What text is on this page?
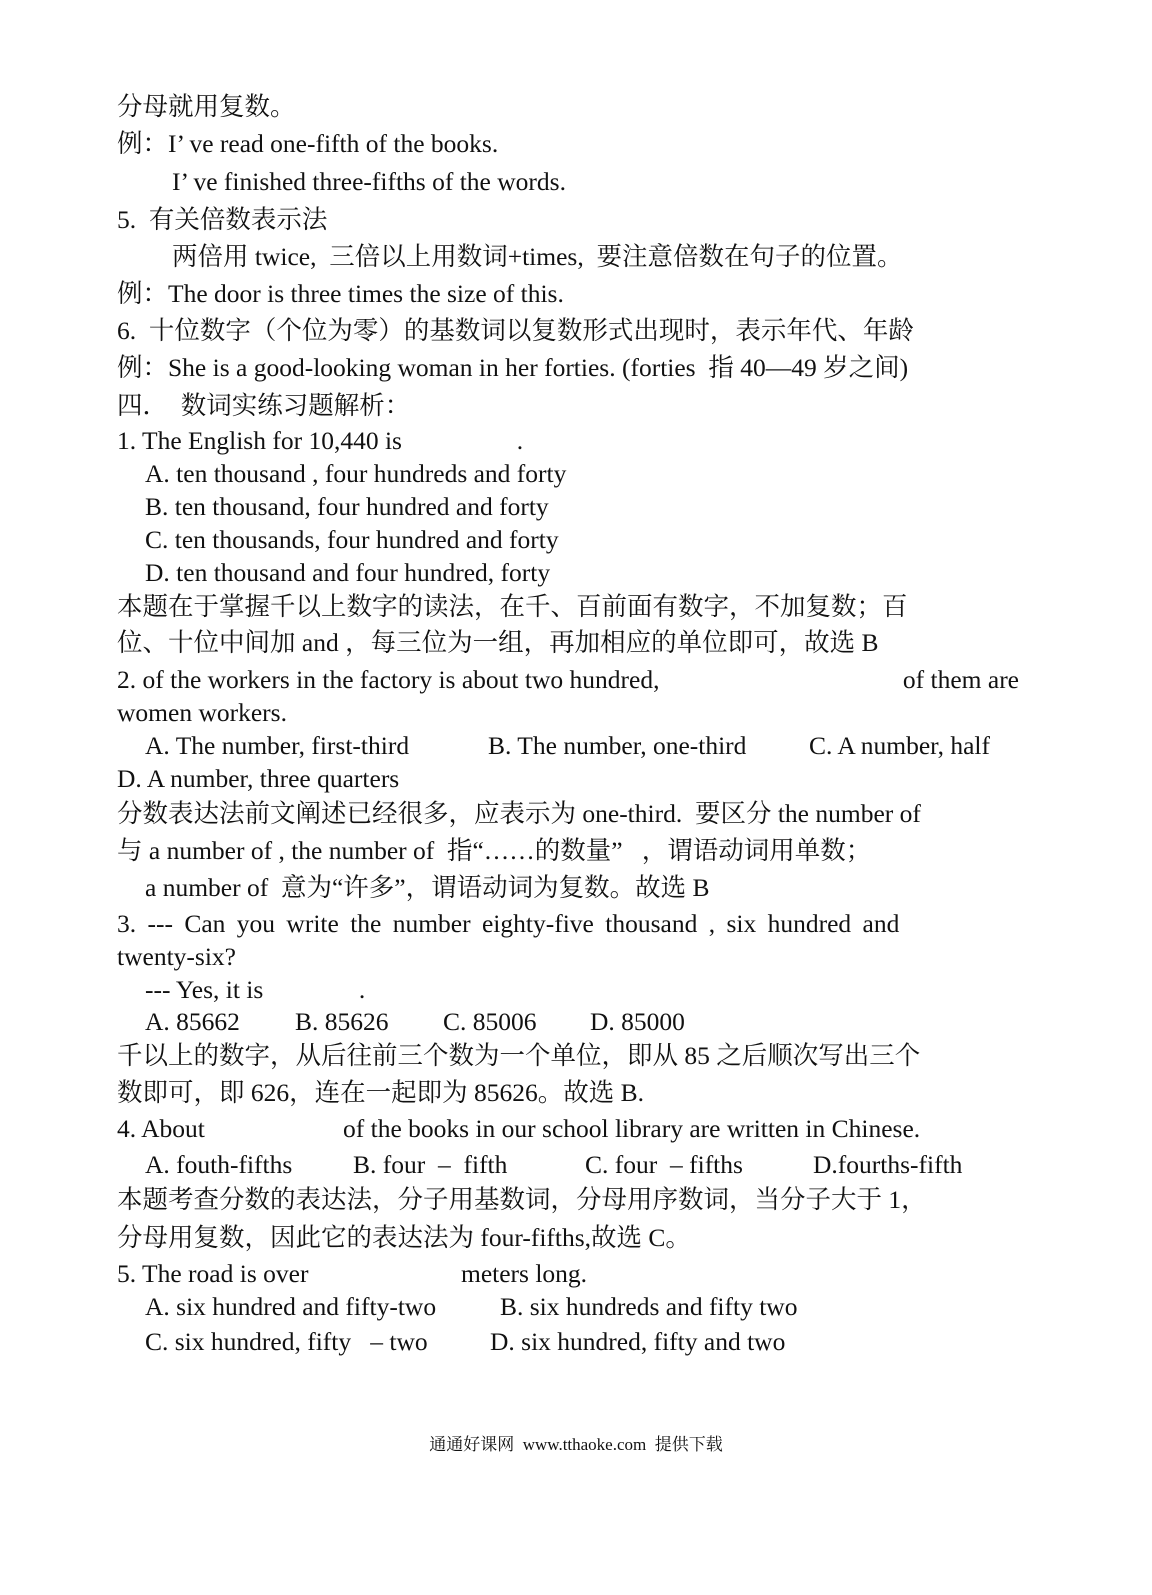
分母就用复数。
例：I’ ve read one-fifth of the books.
I’ ve finished three-fifths of the words.
5.  有关倍数表示法
两倍用 twice,  三倍以上用数词+times,  要注意倍数在句子的位置。
例：The door is three times the size of this.
6.  十位数字（个位为零）的基数词以复数形式出现时，表示年代、年龄
例：She is a good-looking woman in her forties. (forties  指 40—49 岁之间)
四．  数词实练习题解析：
1. The English for 10,440 is                  .
A. ten thousand , four hundreds and forty
B. ten thousand, four hundred and forty
C. ten thousands, four hundred and forty
D. ten thousand and four hundred, forty
本题在于掌握千以上数字的读法，在千、百前面有数字，不加复数；百
位、十位中间加 and ，每三位为一组，再加相应的单位即可，故选 B
2. of the workers in the factory is about two hundred,	of them are
women workers.
A. The number, first-third	B. The number, one-third C. A number, half
D. A number, three quarters
分数表达法前文阐述已经很多，应表示为 one-third.  要区分 the number of
与 a number of , the number of  指“……的数量”   ，谓语动词用单数；
a number of  意为“许多”，谓语动词为复数。故选 B
3. --- Can you write the number eighty-five thousand , six hundred and
twenty-six?
--- Yes, it is               .
A. 85662 B. 85626 C. 85006 D. 85000
千以上的数字，从后往前三个数为一个单位，即从 85 之后顺次写出三个
数即可，即 626，连在一起即为 85626。故选 B.
4. About	of the books in our school library are written in Chinese.
A. fouth-fifths B. four  –  fifth	C. four  – fifths	D.fourths-fifth
本题考查分数的表达法，分子用基数词，分母用序数词，当分子大于 1，
分母用复数，因此它的表达法为 four-fifths,故选 C。
5. The road is over	meters long.
A. six hundred and fifty-two	B. six hundreds and fifty two
C. six hundred, fifty   – two D. six hundred, fifty and two
通通好课网  www.tthaoke.com  提供下载
